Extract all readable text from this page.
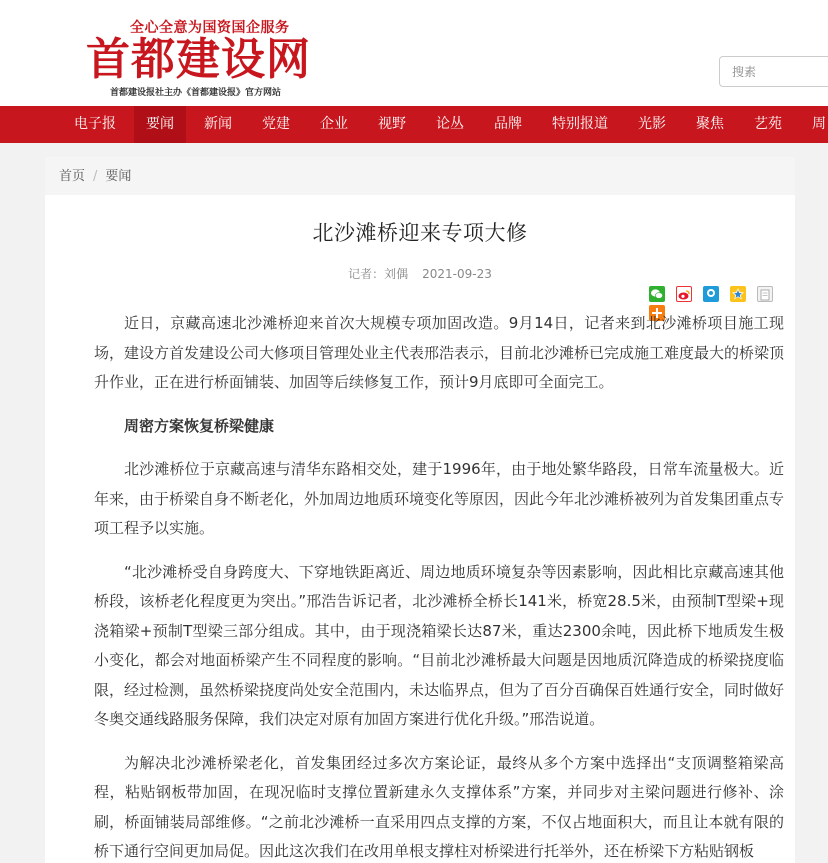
全心全意为国资国企服务
首都建设网
首都建设报社主办《首都建设报》官方网站
搜素
电子报	要闻	新闻 党建 企业 视野 论丛 品牌 特别报道 光影 聚焦 艺苑 周
首页 / 要闻
北沙滩桥迎来专项大修
记者：刘偶 2021-09-23

近日，京藏高速北沙滩桥迎来首次大规模专项加固改造。9月14日，记者来到北沙滩桥项目施工现场，建设方首发建设公司大修项目管理处业主代表邢浩表示，目前北沙滩桥已完成施工难度最大的桥梁顶升作业，正在进行桥面铺装、加固等后续修复工作，预计9月底即可全面完工。

周密方案恢复桥梁健康

北沙滩桥位于京藏高速与清华东路相交处，建于1996年，由于地处繁华路段，日常车流量极大。近年来，由于桥梁自身不断老化，外加周边地质环境变化等原因，因此今年北沙滩桥被列为首发集团重点专项工程予以实施。

“北沙滩桥受自身跨度大、下穿地铁距离近、周边地质环境复杂等因素影响，因此相比京藏高速其他桥段，该桥老化程度更为突出。”邢浩告诉记者，北沙滩桥全桥长141米，桥宽28.5米，由预制T型梁+现浇箱梁+预制T型梁三部分组成。其中，由于现浇箱梁长达87米，重达2300余吨，因此桥下地质发生极小变化，都会对地面桥梁产生不同程度的影响。“目前北沙滩桥最大问题是因地质沉降造成的桥梁挠度临限，经过检测，虽然桥梁挠度尚处安全范围内，未达临界点，但为了百分百确保百姓通行安全，同时做好冬奥交通线路服务保障，我们决定对原有加固方案进行优化升级。”邢浩说道。

为解决北沙滩桥梁老化，首发集团经过多次方案论证，最终从多个方案中选择出“支顶调整箱梁高程，粘贴钢板带加固，在现况临时支撑位置新建永久支撑体系”方案，并同步对主梁问题进行修补、涂刷，桥面铺装局部维修。“之前北沙滩桥一直采用四点支撑的方案，不仅占地面积大，而且让本就有限的桥下通行空间更加局促。因此这次我们在改用单根支撑柱对桥梁进行托举外，还在桥梁下方粘贴钢板
